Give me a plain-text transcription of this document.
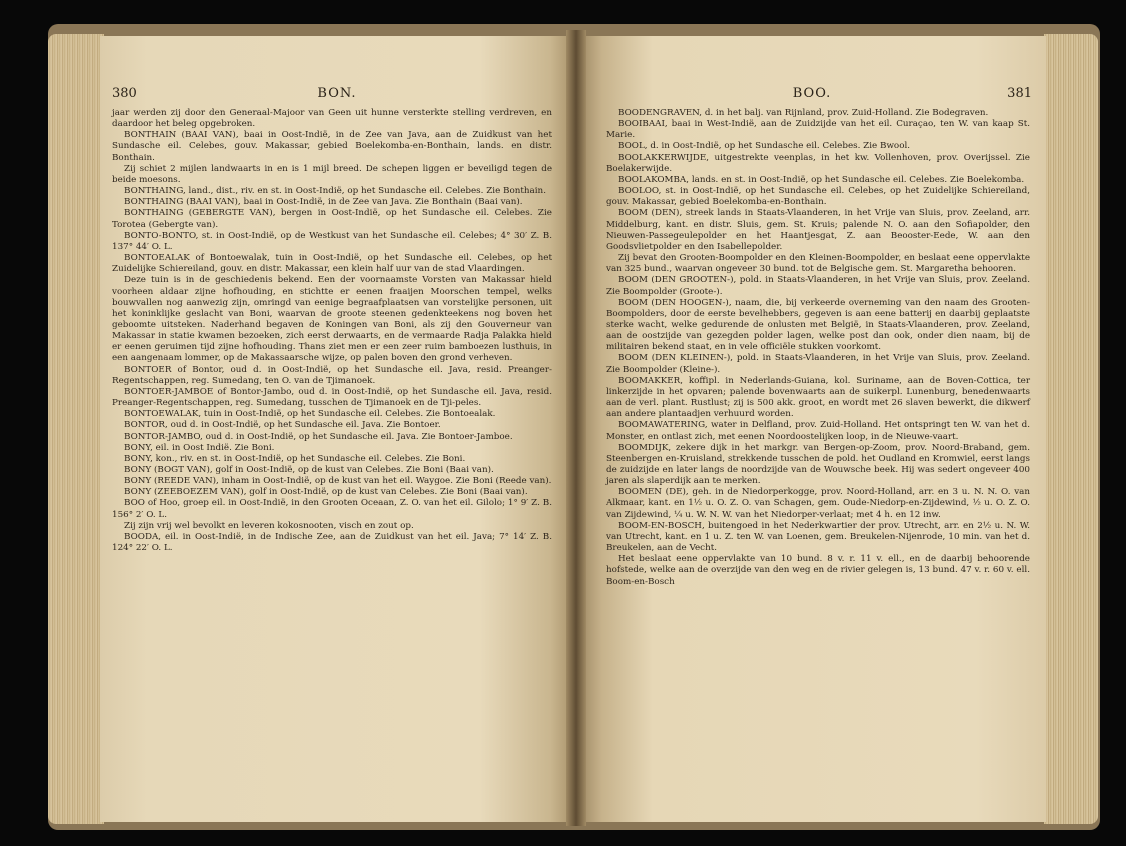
380	BON.

jaar werden zij door den Generaal-Majoor van Geen uit hunne versterkte stelling verdreven, en daardoor het beleg opgebroken.

BONTHAIN (BAAI VAN), baai in Oost-Indië, in de Zee van Java, aan de Zuidkust van het Sundasche eil. Celebes, gouv. Makassar, gebied Boelekomba-en-Bonthain, lands. en distr. Bonthain.

Zij schiet 2 mijlen landwaarts in en is 1 mijl breed. De schepen liggen er beveiligd tegen de beide moesons.

BONTHAING, land., dist., riv. en st. in Oost-Indië, op het Sundasche eil. Celebes. Zie Bonthain.

BONTHAING (BAAI VAN), baai in Oost-Indië, in de Zee van Java. Zie Bonthain (Baai van).

BONTHAING (GEBERGTE VAN), bergen in Oost-Indië, op het Sundasche eil. Celebes. Zie Torotea (Gebergte van).

BONTO-BONTO, st. in Oost-Indië, op de Westkust van het Sundasche eil. Celebes; 4° 30′ Z. B. 137° 44′ O. L.

BONTOEALAK of Bontoewalak, tuin in Oost-Indië, op het Sundasche eil. Celebes, op het Zuidelijke Schiereiland, gouv. en distr. Makassar, een klein half uur van de stad Vlaardingen.

Deze tuin is in de geschiedenis bekend. Een der voornaamste Vorsten van Makassar hield voorheen aldaar zijne hofhouding, en stichtte er eenen fraaijen Moorschen tempel, welks bouwvallen nog aanwezig zijn, omringd van eenige begraafplaatsen van vorstelijke personen, uit het koninklijke geslacht van Boni, waarvan de groote steenen gedenkteekens nog boven het geboomte uitsteken. Naderhand begaven de Koningen van Boni, als zij den Gouverneur van Makassar in statie kwamen bezoeken, zich eerst derwaarts, en de vermaarde Radja Palakka hield er eenen geruimen tijd zijne hofhouding. Thans ziet men er een zeer ruim bamboezen lusthuis, in een aangenaam lommer, op de Makassaarsche wijze, op palen boven den grond verheven.

BONTOER of Bontor, oud d. in Oost-Indië, op het Sundasche eil. Java, resid. Preanger-Regentschappen, reg. Sumedang, ten O. van de Tjimanoek.

BONTOER-JAMBOE of Bontor-Jambo, oud d. in Oost-Indië, op het Sundasche eil. Java, resid. Preanger-Regentschappen, reg. Sumedang, tusschen de Tjimanoek en de Tji-peles.

BONTOEWALAK, tuin in Oost-Indië, op het Sundasche eil. Celebes. Zie Bontoealak.

BONTOR, oud d. in Oost-Indië, op het Sundasche eil. Java. Zie Bontoer.

BONTOR-JAMBO, oud d. in Oost-Indië, op het Sundasche eil. Java. Zie Bontoer-Jamboe.

BONY, eil. in Oost Indië. Zie Boni.

BONY, kon., riv. en st. in Oost-Indië, op het Sundasche eil. Celebes. Zie Boni.

BONY (BOGT VAN), golf in Oost-Indië, op de kust van Celebes. Zie Boni (Baai van).

BONY (REEDE VAN), inham in Oost-Indië, op de kust van het eil. Waygoe. Zie Boni (Reede van).

BONY (ZEEBOEZEM VAN), golf in Oost-Indië, op de kust van Celebes. Zie Boni (Baai van).

BOO of Hoo, groep eil. in Oost-Indië, in den Grooten Oceaan, Z. O. van het eil. Gilolo; 1° 9′ Z. B. 156° 2′ O. L.

Zij zijn vrij wel bevolkt en leveren kokosnooten, visch en zout op.

BOODA, eil. in Oost-Indië, in de Indische Zee, aan de Zuidkust van het eil. Java; 7° 14′ Z. B. 124° 22′ O. L.

BOO.	381

BOODENGRAVEN, d. in het balj. van Rijnland, prov. Zuid-Holland. Zie Bodegraven.

BOOIBAAI, baai in West-Indië, aan de Zuidzijde van het eil. Curaçao, ten W. van kaap St. Marie.

BOOL, d. in Oost-Indië, op het Sundasche eil. Celebes. Zie Bwool.

BOOLAKKERWIJDE, uitgestrekte veenplas, in het kw. Vollenhoven, prov. Overijssel. Zie Boelakerwijde.

BOOLAKOMBA, lands. en st. in Oost-Indië, op het Sundasche eil. Celebes. Zie Boelekomba.

BOOLOO, st. in Oost-Indië, op het Sundasche eil. Celebes, op het Zuidelijke Schiereiland, gouv. Makassar, gebied Boelekomba-en-Bonthain.

BOOM (DEN), streek lands in Staats-Vlaanderen, in het Vrije van Sluis, prov. Zeeland, arr. Middelburg, kant. en distr. Sluis, gem. St. Kruis; palende N. O. aan den Sofiapolder, den Nieuwen-Passegeulepolder en het Haantjesgat, Z. aan Beooster-Eede, W. aan den Goodsvlietpolder en den Isabellepolder.

Zij bevat den Grooten-Boompolder en den Kleinen-Boompolder, en beslaat eene oppervlakte van 325 bund., waarvan ongeveer 30 bund. tot de Belgische gem. St. Margaretha behooren.

BOOM (DEN GROOTEN-), pold. in Staats-Vlaanderen, in het Vrije van Sluis, prov. Zeeland. Zie Boompolder (Groote-).

BOOM (DEN HOOGEN-), naam, die, bij verkeerde overneming van den naam des Grooten-Boompolders, door de eerste bevelhebbers, gegeven is aan eene batterij en daarbij geplaatste sterke wacht, welke gedurende de onlusten met België, in Staats-Vlaanderen, prov. Zeeland, aan de oostzijde van gezegden polder lagen, welke post dan ook, onder dien naam, bij de militairen bekend staat, en in vele officiële stukken voorkomt.

BOOM (DEN KLEINEN-), pold. in Staats-Vlaanderen, in het Vrije van Sluis, prov. Zeeland. Zie Boompolder (Kleine-).

BOOMAKKER, koffipl. in Nederlands-Guiana, kol. Suriname, aan de Boven-Cottica, ter linkerzijde in het opvaren; palende bovenwaarts aan de suikerpl. Lunenburg, benedenwaarts aan de verl. plant. Rustlust; zij is 500 akk. groot, en wordt met 26 slaven bewerkt, die dikwerf aan andere plantaadjen verhuurd worden.

BOOMAWATERING, water in Delfland, prov. Zuid-Holland. Het ontspringt ten W. van het d. Monster, en ontlast zich, met eenen Noordoostelijken loop, in de Nieuwe-vaart.

BOOMDIJK, zekere dijk in het markgr. van Bergen-op-Zoom, prov. Noord-Braband, gem. Steenbergen en-Kruisland, strekkende tusschen de pold. het Oudland en Kromwiel, eerst langs de zuidzijde en later langs de noordzijde van de Wouwsche beek. Hij was sedert ongeveer 400 jaren als slaperdijk aan te merken.

BOOMEN (DE), geh. in de Niedorperkogge, prov. Noord-Holland, arr. en 3 u. N. N. O. van Alkmaar, kant. en 1½ u. O. Z. O. van Schagen, gem. Oude-Niedorp-en-Zijdewind, ½ u. O. Z. O. van Zijdewind, ¼ u. W. N. W. van het Niedorper-verlaat; met 4 h. en 12 inw.

BOOM-EN-BOSCH, buitengoed in het Nederkwartier der prov. Utrecht, arr. en 2½ u. N. W. van Utrecht, kant. en 1 u. Z. ten W. van Loenen, gem. Breukelen-Nijenrode, 10 min. van het d. Breukelen, aan de Vecht.

Het beslaat eene oppervlakte van 10 bund. 8 v. r. 11 v. ell., en de daarbij behoorende hofstede, welke aan de overzijde van den weg en de rivier gelegen is, 13 bund. 47 v. r. 60 v. ell. Boom-en-Bosch
